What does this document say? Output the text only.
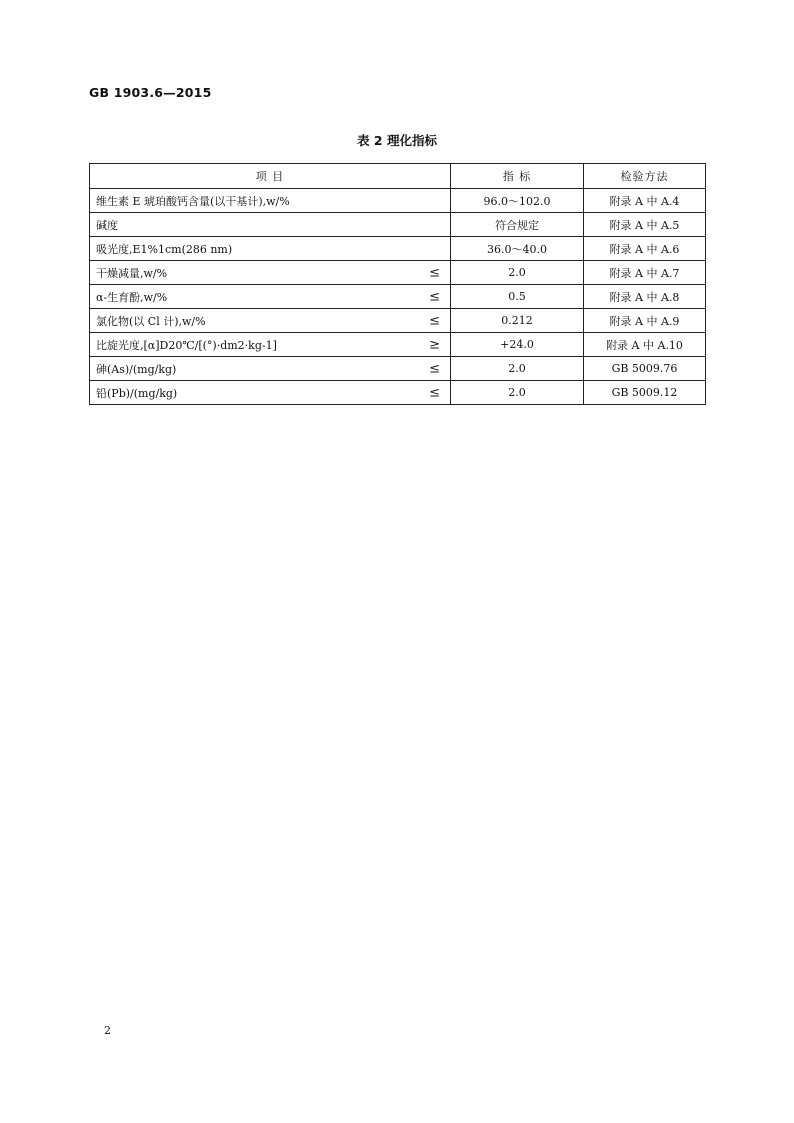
GB 1903.6—2015
表 2 理化指标
项 目	指 标	检验方法
维生素 E 琥珀酸钙含量(以干基计),w/%	96.0～102.0	附录 A 中 A.4
碱度	符合规定	附录 A 中 A.5
吸光度,E1%1cm(286 nm)	36.0～40.0	附录 A 中 A.6
干燥减量,w/% ≤	2.0	附录 A 中 A.7
α-生育酚,w/% ≤	0.5	附录 A 中 A.8
氯化物(以 Cl 计),w/% ≤	0.212	附录 A 中 A.9
比旋光度,[α]D20℃/[(°)·dm2·kg-1] ≥	+24.0	附录 A 中 A.10
砷(As)/(mg/kg) ≤	2.0	GB 5009.76
铅(Pb)/(mg/kg) ≤	2.0	GB 5009.12
2
